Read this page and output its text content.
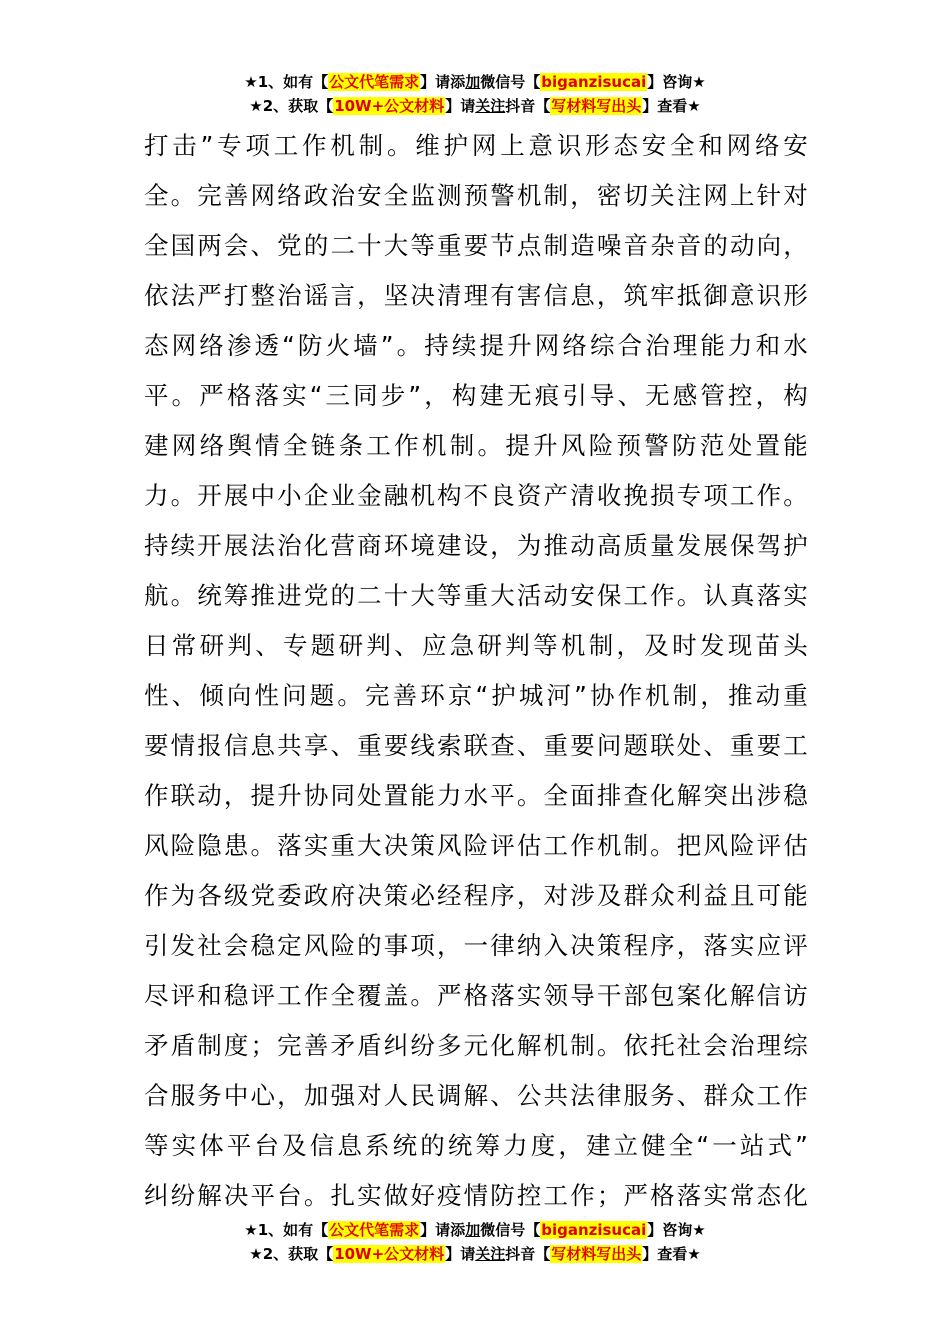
★1、如有【公文代笔需求】请添加微信号【biganzisucai】咨询★
★2、获取【10W+公文材料】请关注抖音【写材料写出头】查看★
打击”专项工作机制。维护网上意识形态安全和网络安
全。完善网络政治安全监测预警机制，密切关注网上针对
全国两会、党的二十大等重要节点制造噪音杂音的动向，
依法严打整治谣言，坚决清理有害信息，筑牢抵御意识形
态网络渗透“防火墙”。持续提升网络综合治理能力和水
平。严格落实“三同步”，构建无痕引导、无感管控，构
建网络舆情全链条工作机制。提升风险预警防范处置能
力。开展中小企业金融机构不良资产清收挽损专项工作。
持续开展法治化营商环境建设，为推动高质量发展保驾护
航。统筹推进党的二十大等重大活动安保工作。认真落实
日常研判、专题研判、应急研判等机制，及时发现苗头
性、倾向性问题。完善环京“护城河”协作机制，推动重
要情报信息共享、重要线索联查、重要问题联处、重要工
作联动，提升协同处置能力水平。全面排查化解突出涉稳
风险隐患。落实重大决策风险评估工作机制。把风险评估
作为各级党委政府决策必经程序，对涉及群众利益且可能
引发社会稳定风险的事项，一律纳入决策程序，落实应评
尽评和稳评工作全覆盖。严格落实领导干部包案化解信访
矛盾制度；完善矛盾纠纷多元化解机制。依托社会治理综
合服务中心，加强对人民调解、公共法律服务、群众工作
等实体平台及信息系统的统筹力度，建立健全“一站式”
纠纷解决平台。扎实做好疫情防控工作；严格落实常态化
★1、如有【公文代笔需求】请添加微信号【biganzisucai】咨询★
★2、获取【10W+公文材料】请关注抖音【写材料写出头】查看★
